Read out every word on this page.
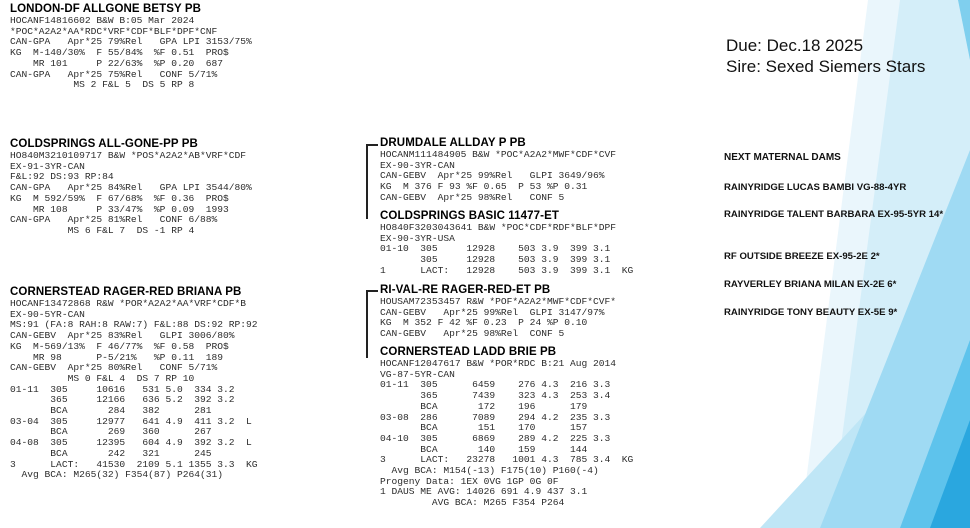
LONDON-DF ALLGONE BETSY PB
HOCANF14816602 B&W B:05 Mar 2024
*POC*A2A2*AA*RDC*VRF*CDF*BLF*DPF*CNF
CAN-GPA   Apr*25 79%Rel   GPA LPI 3153/75%
KG  M-140/30%  F 55/84%  %F 0.51  PRO$
MR 101     P 22/63%  %P 0.20  687
CAN-GPA   Apr*25 75%Rel   CONF 5/71%
MS 2 F&L 5  DS 5 RP 8
COLDSPRINGS ALL-GONE-PP PB
HO840M3210109717 B&W *POS*A2A2*AB*VRF*CDF
EX-91-3YR-CAN
F&L:92 DS:93 RP:84
CAN-GPA   Apr*25 84%Rel   GPA LPI 3544/80%
KG  M 592/59%  F 67/68%  %F 0.36  PRO$
MR 108     P 33/47%  %P 0.09  1993
CAN-GPA   Apr*25 81%Rel   CONF 6/88%
MS 6 F&L 7  DS -1 RP 4
CORNERSTEAD RAGER-RED BRIANA PB
HOCANF13472868 R&W *POR*A2A2*AA*VRF*CDF*B
EX-90-5YR-CAN
MS:91 (FA:8 RAH:8 RAW:7) F&L:88 DS:92 RP:92
CAN-GEBV  Apr*25 83%Rel   GLPI 3006/80%
KG  M-569/13%  F 46/77%  %F 0.58  PRO$
MR 98      P-5/21%   %P 0.11  189
CAN-GEBV  Apr*25 80%Rel   CONF 5/71%
MS 0 F&L 4  DS 7 RP 10
01-11  305     10616   531 5.0  334 3.2
365     12166   636 5.2  392 3.2
BCA       284   382      281
03-04  305     12977   641 4.9  411 3.2  L
BCA       269   360      267
04-08  305     12395   604 4.9  392 3.2  L
BCA       242   321      245
3      LACT:   41530  2109 5.1 1355 3.3  KG
Avg BCA: M265(32) F354(87) P264(31)
DRUMDALE ALLDAY P PB
HOCANM111484905 B&W *POC*A2A2*MWF*CDF*CVF
EX-90-3YR-CAN
CAN-GEBV  Apr*25 99%Rel   GLPI 3649/96%
KG  M 376 F 93 %F 0.65  P 53 %P 0.31
CAN-GEBV  Apr*25 98%Rel   CONF 5
COLDSPRINGS BASIC 11477-ET
HO840F3203043641 B&W *POC*CDF*RDF*BLF*DPF
EX-90-3YR-USA
01-10  305     12928    503 3.9  399 3.1
305     12928    503 3.9  399 3.1
1      LACT:   12928    503 3.9  399 3.1  KG
RI-VAL-RE RAGER-RED-ET PB
HOUSAM72353457 R&W *POF*A2A2*MWF*CDF*CVF*
CAN-GEBV   Apr*25 99%Rel  GLPI 3147/97%
KG  M 352 F 42 %F 0.23  P 24 %P 0.10
CAN-GEBV   Apr*25 98%Rel  CONF 5
CORNERSTEAD LADD BRIE PB
HOCANF12047617 B&W *POR*RDC B:21 Aug 2014
VG-87-5YR-CAN
01-11  305      6459    276 4.3  216 3.3
365      7439    323 4.3  253 3.4
BCA       172    196      179
03-08  286      7089    294 4.2  235 3.3
BCA       151    170      157
04-10  305      6869    289 4.2  225 3.3
BCA       140    159      144
3      LACT:   23278   1001 4.3  785 3.4  KG
Avg BCA: M154(-13) F175(10) P160(-4)
Progeny Data: 1EX 0VG 1GP 0G 0F
1 DAUS ME AVG: 14026 691 4.9 437 3.1
AVG BCA: M265 F354 P264
Due: Dec.18 2025
Sire: Sexed Siemers Stars
NEXT MATERNAL DAMS
RAINYRIDGE LUCAS BAMBI VG-88-4YR
RAINYRIDGE TALENT BARBARA EX-95-5YR 14*
RF OUTSIDE BREEZE EX-95-2E 2*
RAYVERLEY BRIANA MILAN EX-2E 6*
RAINYRIDGE TONY BEAUTY EX-5E 9*
